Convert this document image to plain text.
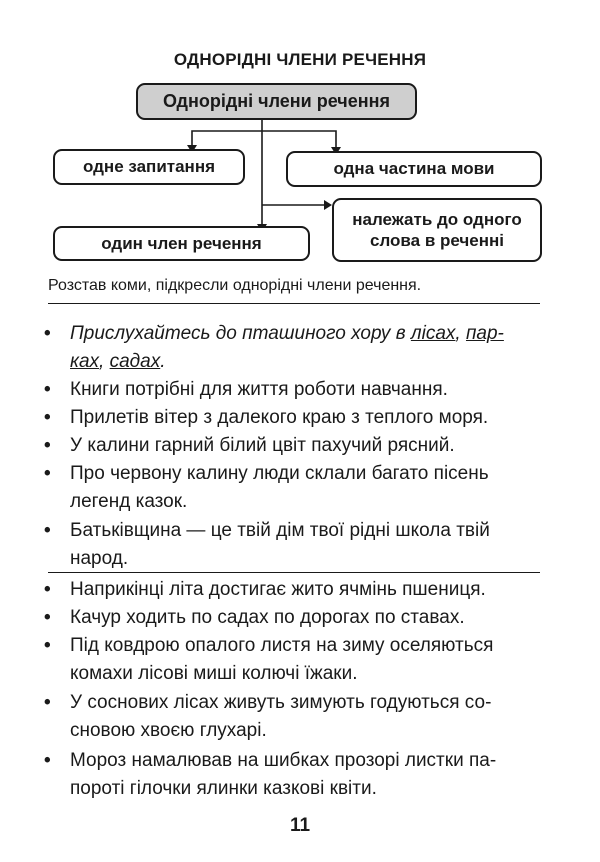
ОДНОРІДНІ ЧЛЕНИ РЕЧЕННЯ
Однорідні члени речення
одне запитання	одна частина мови
один член речення
належать до одного слова в реченні
Розстав коми, підкресли однорідні члени речення.
• Прислухайтесь до пташиного хору в лісах, пар-
ках, садах.
• Книги потрібні для життя роботи навчання.
• Прилетів вітер з далекого краю з теплого моря.
• У калини гарний білий цвіт пахучий рясний.
• Про червону калину люди склали багато пісень легенд казок.
• Батьківщина — це твій дім твої рідні школа твій народ.
• Наприкінці літа достигає жито ячмінь пшениця.
• Качур ходить по садах по дорогах по ставах.
• Під ковдрою опалого листя на зиму оселяються комахи лісові миші колючі їжаки.
• У соснових лісах живуть зимують годуються сосновою хвоєю глухарі.
• Мороз намалював на шибках прозорі листки папороті гілочки ялинки казкові квіти.
11
